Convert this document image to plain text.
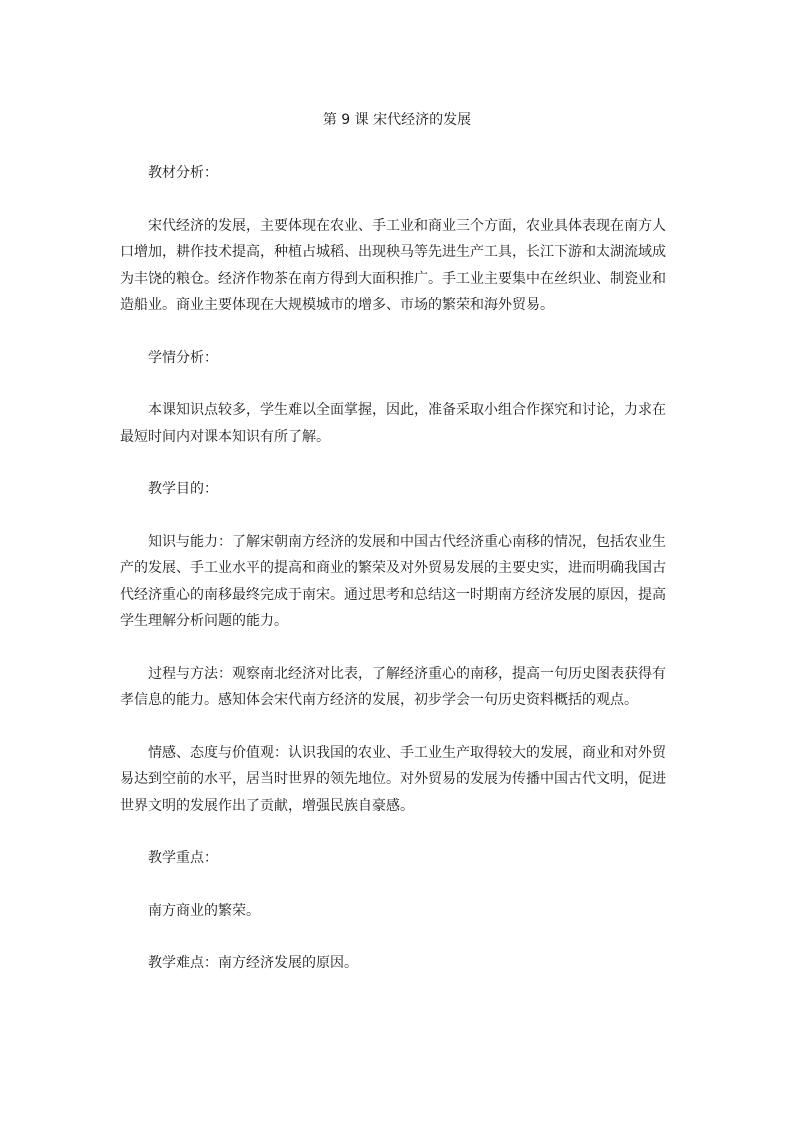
第 9 课 宋代经济的发展

教材分析：

宋代经济的发展，主要体现在农业、手工业和商业三个方面，农业具体表现在南方人口增加，耕作技术提高，种植占城稻、出现秧马等先进生产工具，长江下游和太湖流域成为丰饶的粮仓。经济作物茶在南方得到大面积推广。手工业主要集中在丝织业、制瓷业和造船业。商业主要体现在大规模城市的增多、市场的繁荣和海外贸易。

学情分析：

本课知识点较多，学生难以全面掌握，因此，准备采取小组合作探究和讨论，力求在最短时间内对课本知识有所了解。

教学目的：

知识与能力：了解宋朝南方经济的发展和中国古代经济重心南移的情况，包括农业生产的发展、手工业水平的提高和商业的繁荣及对外贸易发展的主要史实，进而明确我国古代经济重心的南移最终完成于南宋。通过思考和总结这一时期南方经济发展的原因，提高学生理解分析问题的能力。

过程与方法：观察南北经济对比表，了解经济重心的南移，提高一句历史图表获得有孝信息的能力。感知体会宋代南方经济的发展，初步学会一句历史资料概括的观点。

情感、态度与价值观：认识我国的农业、手工业生产取得较大的发展，商业和对外贸易达到空前的水平，居当时世界的领先地位。对外贸易的发展为传播中国古代文明，促进世界文明的发展作出了贡献，增强民族自豪感。

教学重点：

南方商业的繁荣。

教学难点：南方经济发展的原因。
